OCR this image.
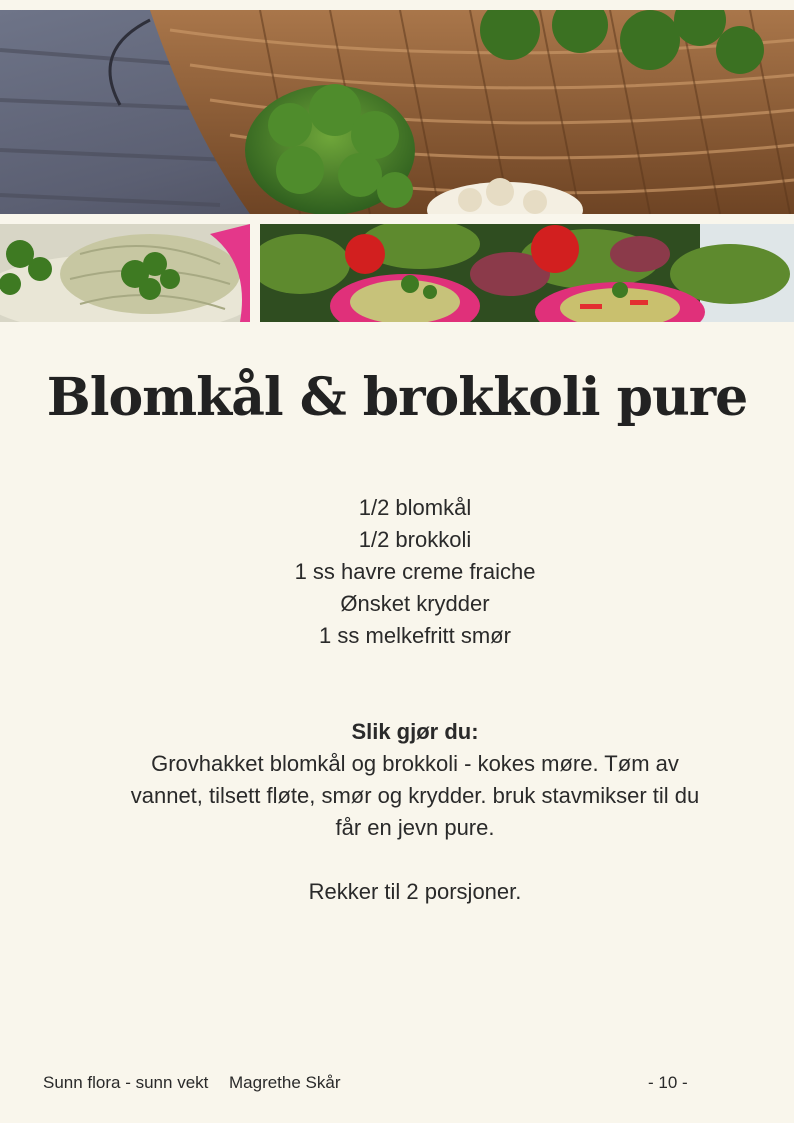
Blomkål & brokkoli pure
1/2 blomkål
1/2 brokkoli
1 ss havre creme fraiche
Ønsket krydder
1 ss melkefritt smør
Slik gjør du:
Grovhakket blomkål og brokkoli - kokes møre. Tøm av vannet, tilsett fløte, smør og krydder. bruk stavmikser til du får en jevn pure.
Rekker til 2 porsjoner.
Sunn flora - sunn vekt Magrethe Skår	- 10 -
